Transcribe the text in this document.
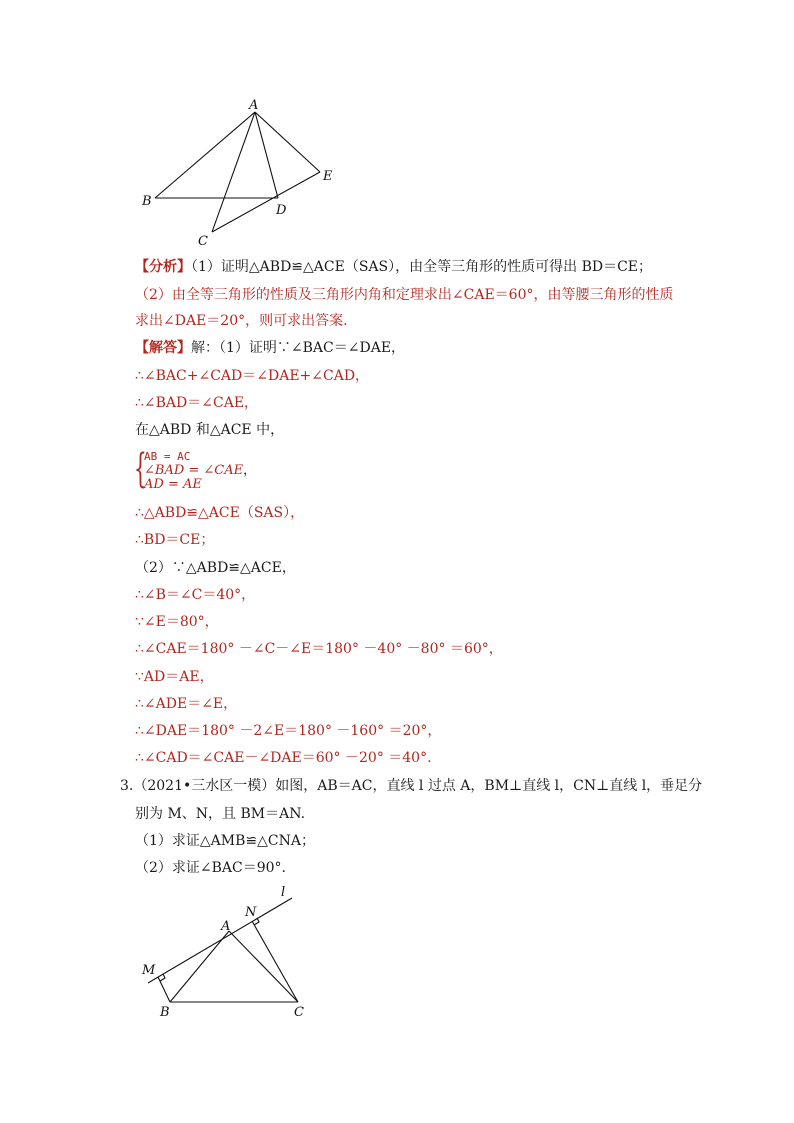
A
B
C
D
E
【分析】（1）证明△ABD≌△ACE（SAS），由全等三角形的性质可得出 BD＝CE；
（2）由全等三角形的性质及三角形内角和定理求出∠CAE＝60°，由等腰三角形的性质
求出∠DAE＝20°，则可求出答案.
【解答】解：（1）证明∵∠BAC＝∠DAE，
∴∠BAC+∠CAD＝∠DAE+∠CAD，
∴∠BAD＝∠CAE，
在△ABD 和△ACE 中，
{
AB = AC
∠BAD = ∠CAE，
AD = AE
∴△ABD≌△ACE（SAS），
∴BD＝CE；
（2）∵△ABD≌△ACE，
∴∠B＝∠C＝40°，
∵∠E＝80°，
∴∠CAE＝180° －∠C－∠E＝180° －40° －80° ＝60°，
∵AD＝AE，
∴∠ADE＝∠E，
∴∠DAE＝180° －2∠E＝180° －160° ＝20°，
∴∠CAD＝∠CAE－∠DAE＝60° －20° ＝40°.
3.（2021•三水区一模）如图，AB＝AC，直线 l 过点 A，BM⊥直线 l，CN⊥直线 l，垂足分
别为 M、N，且 BM＝AN.
（1）求证△AMB≌△CNA；
（2）求证∠BAC＝90°.
l
N
A
M
B	C
